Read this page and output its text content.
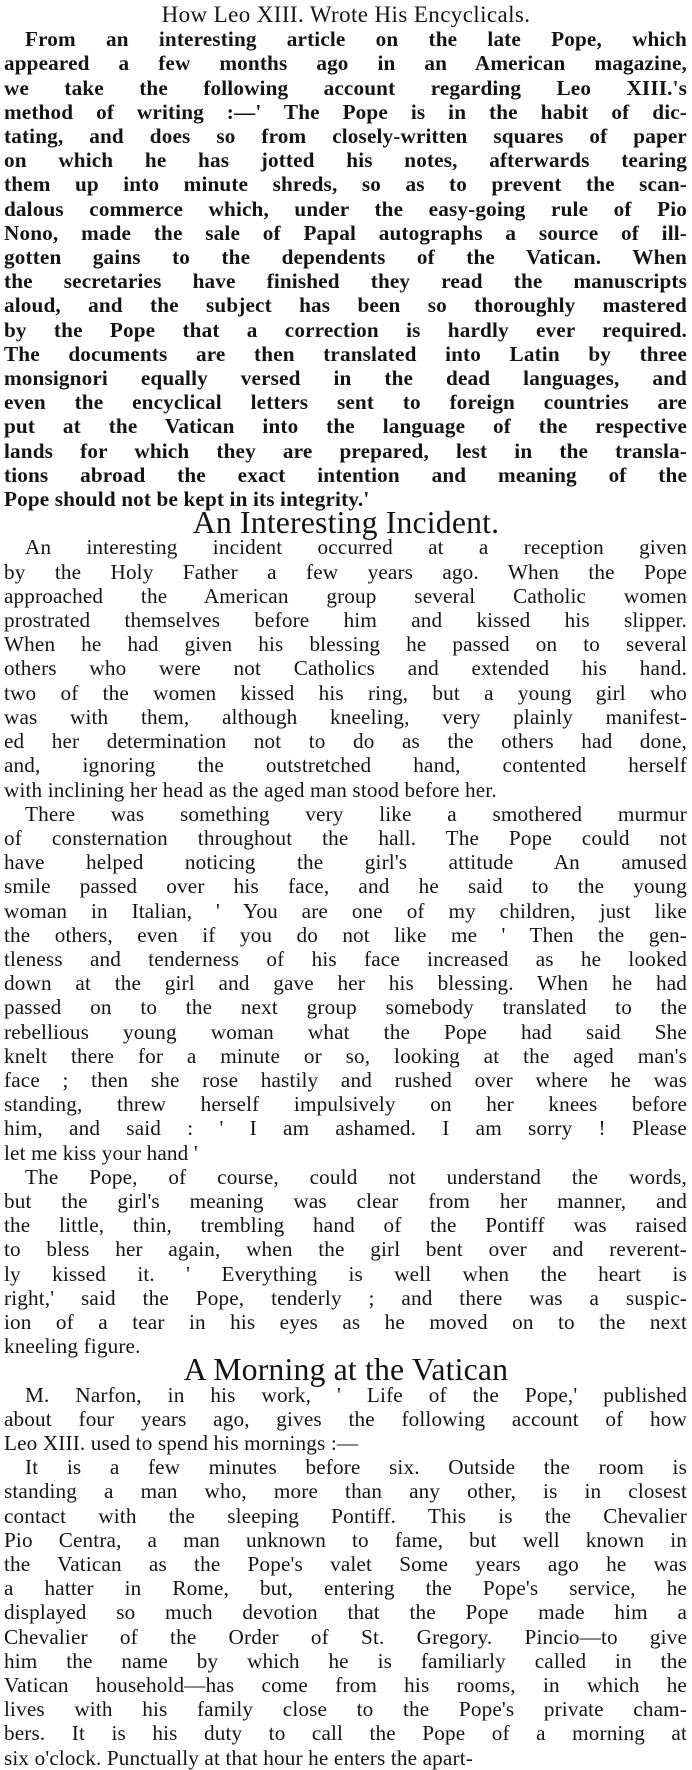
How Leo XIII. Wrote His Encyclicals.
From an interesting article on the late Pope, which
appeared a few months ago in an American magazine,
we take the following account regarding Leo XIII.'s
method of writing :—' The Pope is in the habit of dic-
tating, and does so from closely-written squares of paper
on which he has jotted his notes, afterwards tearing
them up into minute shreds, so as to prevent the scan-
dalous commerce which, under the easy-going rule of Pio
Nono, made the sale of Papal autographs a source of ill-
gotten gains to the dependents of the Vatican. When
the secretaries have finished they read the manuscripts
aloud, and the subject has been so thoroughly mastered
by the Pope that a correction is hardly ever required.
The documents are then translated into Latin by three
monsignori equally versed in the dead languages, and
even the encyclical letters sent to foreign countries are
put at the Vatican into the language of the respective
lands for which they are prepared, lest in the transla-
tions abroad the exact intention and meaning of the
Pope should not be kept in its integrity.'
An Interesting Incident.
An interesting incident occurred at a reception given
by the Holy Father a few years ago. When the Pope
approached the American group several Catholic women
prostrated themselves before him and kissed his slipper.
When he had given his blessing he passed on to several
others who were not Catholics and extended his hand.
two of the women kissed his ring, but a young girl who
was with them, although kneeling, very plainly manifest-
ed her determination not to do as the others had done,
and, ignoring the outstretched hand, contented herself
with inclining her head as the aged man stood before her.
There was something very like a smothered murmur
of consternation throughout the hall. The Pope could not
have helped noticing the girl's attitude An amused
smile passed over his face, and he said to the young
woman in Italian, ' You are one of my children, just like
the others, even if you do not like me ' Then the gen-
tleness and tenderness of his face increased as he looked
down at the girl and gave her his blessing. When he had
passed on to the next group somebody translated to the
rebellious young woman what the Pope had said She
knelt there for a minute or so, looking at the aged man's
face ; then she rose hastily and rushed over where he was
standing, threw herself impulsively on her knees before
him, and said : ' I am ashamed. I am sorry ! Please
let me kiss your hand '
The Pope, of course, could not understand the words,
but the girl's meaning was clear from her manner, and
the little, thin, trembling hand of the Pontiff was raised
to bless her again, when the girl bent over and reverent-
ly kissed it. ' Everything is well when the heart is
right,' said the Pope, tenderly ; and there was a suspic-
ion of a tear in his eyes as he moved on to the next
kneeling figure.
A Morning at the Vatican
M. Narfon, in his work, ' Life of the Pope,' published
about four years ago, gives the following account of how
Leo XIII. used to spend his mornings :—
It is a few minutes before six. Outside the room is
standing a man who, more than any other, is in closest
contact with the sleeping Pontiff. This is the Chevalier
Pio Centra, a man unknown to fame, but well known in
the Vatican as the Pope's valet Some years ago he was
a hatter in Rome, but, entering the Pope's service, he
displayed so much devotion that the Pope made him a
Chevalier of the Order of St. Gregory. Pincio—to give
him the name by which he is familiarly called in the
Vatican household—has come from his rooms, in which he
lives with his family close to the Pope's private cham-
bers. It is his duty to call the Pope of a morning at
six o'clock. Punctually at that hour he enters the apart-
